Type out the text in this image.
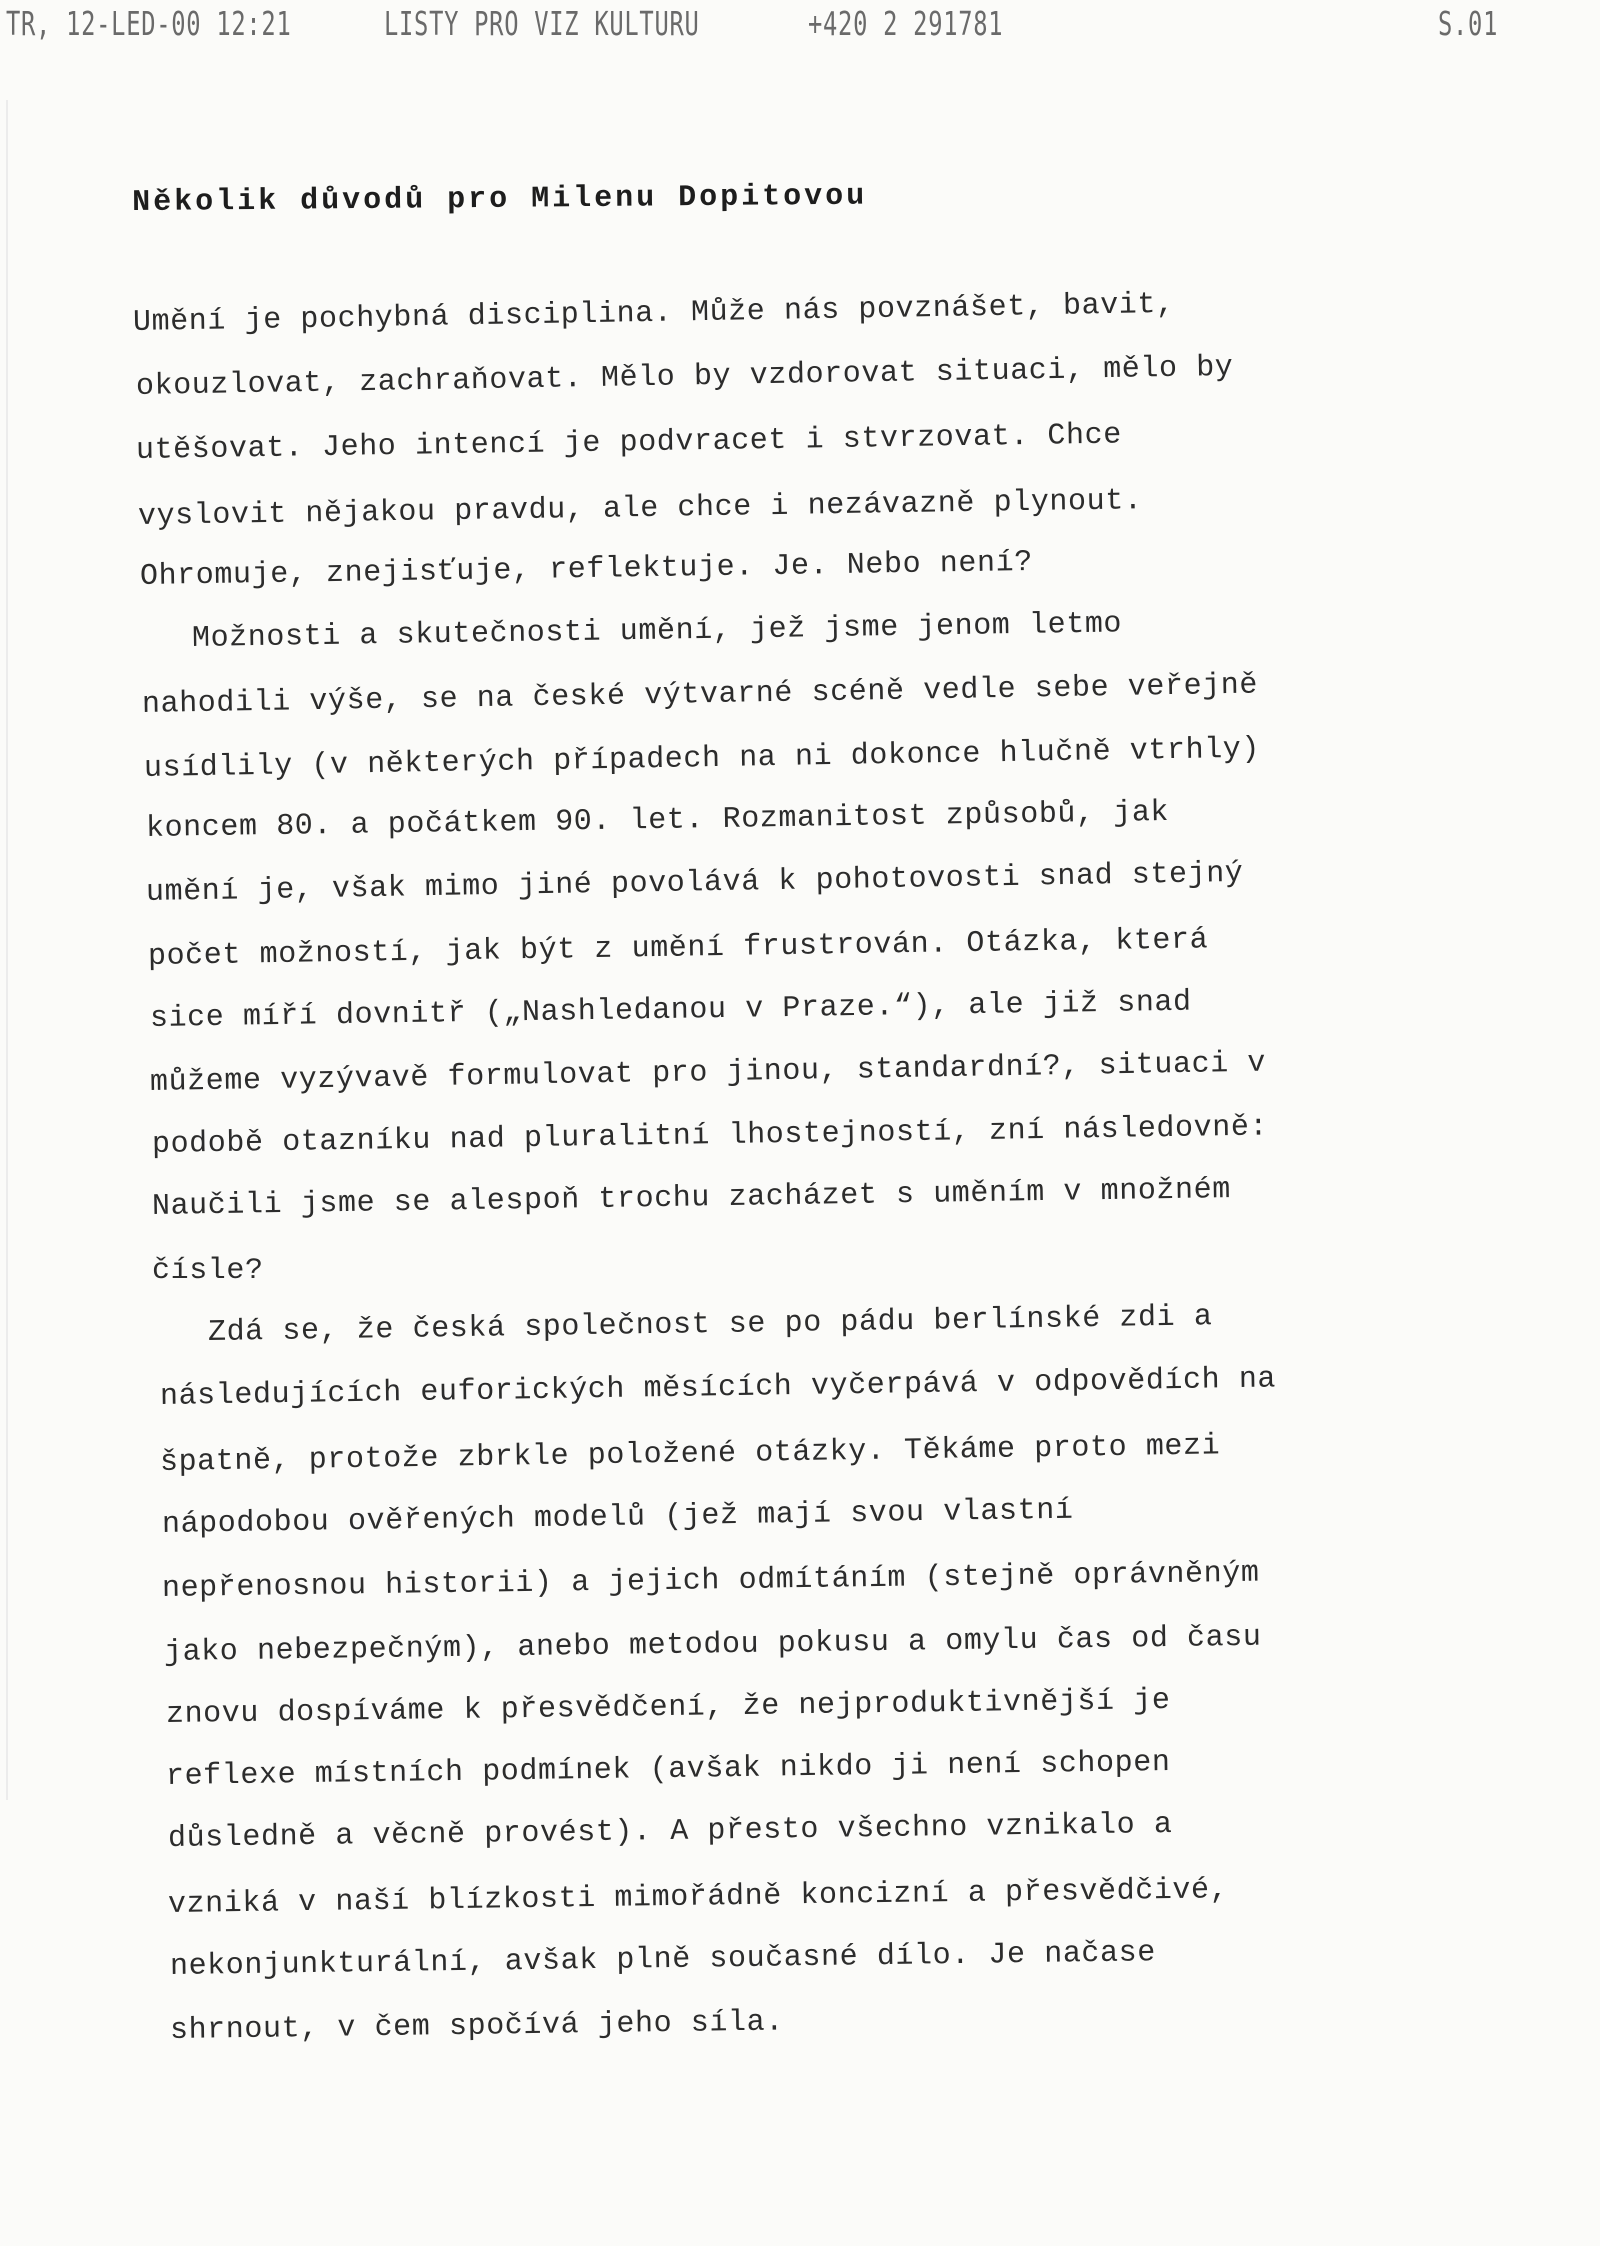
TR, 12-LED-00 12:21	LISTY PRO VIZ KULTURU	+420 2 291781	S.01
Několik důvodů pro Milenu Dopitovou
Umění je pochybná disciplina. Může nás povznášet, bavit,
okouzlovat, zachraňovat. Mělo by vzdorovat situaci, mělo by
utěšovat. Jeho intencí je podvracet i stvrzovat. Chce
vyslovit nějakou pravdu, ale chce i nezávazně plynout.
Ohromuje, znejisťuje, reflektuje. Je. Nebo není?
Možnosti a skutečnosti umění, jež jsme jenom letmo
nahodili výše, se na české výtvarné scéně vedle sebe veřejně
usídlily (v některých případech na ni dokonce hlučně vtrhly)
koncem 80. a počátkem 90. let. Rozmanitost způsobů, jak
umění je, však mimo jiné povolává k pohotovosti snad stejný
počet možností, jak být z umění frustrován. Otázka, která
sice míří dovnitř („Nashledanou v Praze.“), ale již snad
můžeme vyzývavě formulovat pro jinou, standardní?, situaci v
podobě otazníku nad pluralitní lhostejností, zní následovně:
Naučili jsme se alespoň trochu zacházet s uměním v množném
čísle?
Zdá se, že česká společnost se po pádu berlínské zdi a
následujících euforických měsících vyčerpává v odpovědích na
špatně, protože zbrkle položené otázky. Těkáme proto mezi
nápodobou ověřených modelů (jež mají svou vlastní
nepřenosnou historii) a jejich odmítáním (stejně oprávněným
jako nebezpečným), anebo metodou pokusu a omylu čas od času
znovu dospíváme k přesvědčení, že nejproduktivnější je
reflexe místních podmínek (avšak nikdo ji není schopen
důsledně a věcně provést). A přesto všechno vznikalo a
vzniká v naší blízkosti mimořádně koncizní a přesvědčivé,
nekonjunkturální, avšak plně současné dílo. Je načase
shrnout, v čem spočívá jeho síla.
